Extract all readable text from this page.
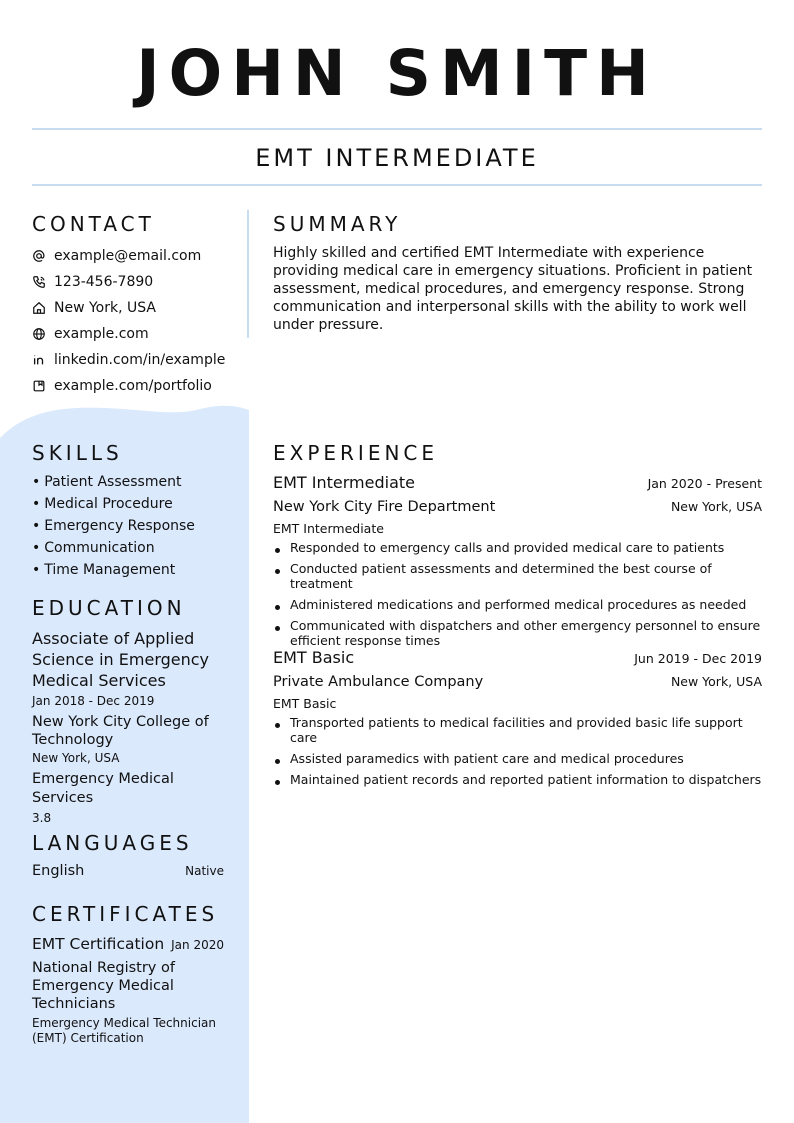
JOHN SMITH
EMT INTERMEDIATE
CONTACT
example@email.com
123-456-7890
New York, USA
example.com
linkedin.com/in/example
example.com/portfolio
SUMMARY

Highly skilled and certified EMT Intermediate with experience providing medical care in emergency situations. Proficient in patient assessment, medical procedures, and emergency response. Strong communication and interpersonal skills with the ability to work well under pressure.

SKILLS
• Patient Assessment
• Medical Procedure
• Emergency Response
• Communication
• Time Management
EDUCATION
Associate of Applied Science in Emergency Medical Services
Jan 2018 - Dec 2019
New York City College of Technology
New York, USA
Emergency Medical Services
3.8
LANGUAGES
English	Native
CERTIFICATES
EMT Certification Jan 2020
National Registry of Emergency Medical Technicians
Emergency Medical Technician (EMT) Certification
EXPERIENCE
EMT Intermediate	Jan 2020 - Present
New York City Fire Department	New York, USA
EMT Intermediate
Responded to emergency calls and provided medical care to patients
Conducted patient assessments and determined the best course of treatment
Administered medications and performed medical procedures as needed
Communicated with dispatchers and other emergency personnel to ensure efficient response times
EMT Basic	Jun 2019 - Dec 2019
Private Ambulance Company	New York, USA
EMT Basic
Transported patients to medical facilities and provided basic life support care
Assisted paramedics with patient care and medical procedures
Maintained patient records and reported patient information to dispatchers
